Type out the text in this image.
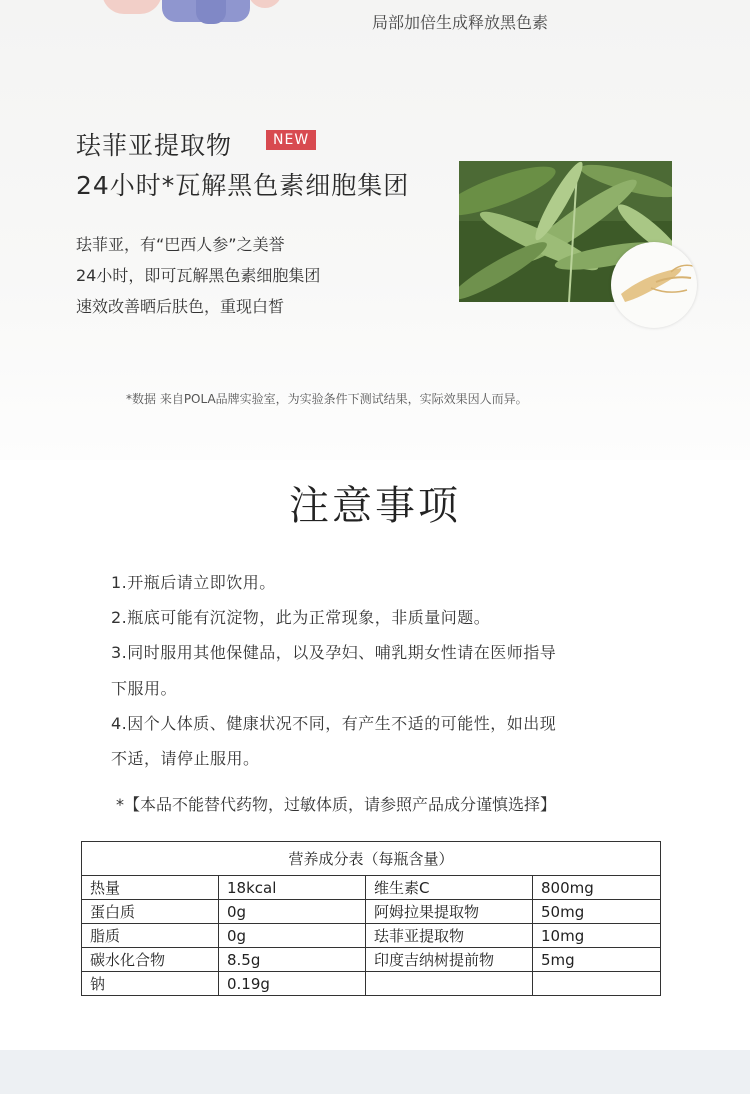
局部加倍生成释放黑色素
珐菲亚提取物	NEW
24小时*瓦解黑色素细胞集团
珐菲亚，有“巴西人参”之美誉
24小时，即可瓦解黑色素细胞集团
速效改善晒后肤色，重现白皙
*数据 来自POLA品牌实验室，为实验条件下测试结果，实际效果因人而异。
注意事项
1.开瓶后请立即饮用。
2.瓶底可能有沉淀物，此为正常现象，非质量问题。
3.同时服用其他保健品，以及孕妇、哺乳期女性请在医师指导
下服用。
4.因个人体质、健康状况不同，有产生不适的可能性，如出现
不适，请停止服用。
*【本品不能替代药物，过敏体质，请参照产品成分谨慎选择】
营养成分表（每瓶含量）			
热量	18kcal	维生素C	800mg
蛋白质	0g	阿姆拉果提取物	50mg
脂质	0g	珐菲亚提取物	10mg
碳水化合物	8.5g	印度吉纳树提前物	5mg
钠	0.19g		
